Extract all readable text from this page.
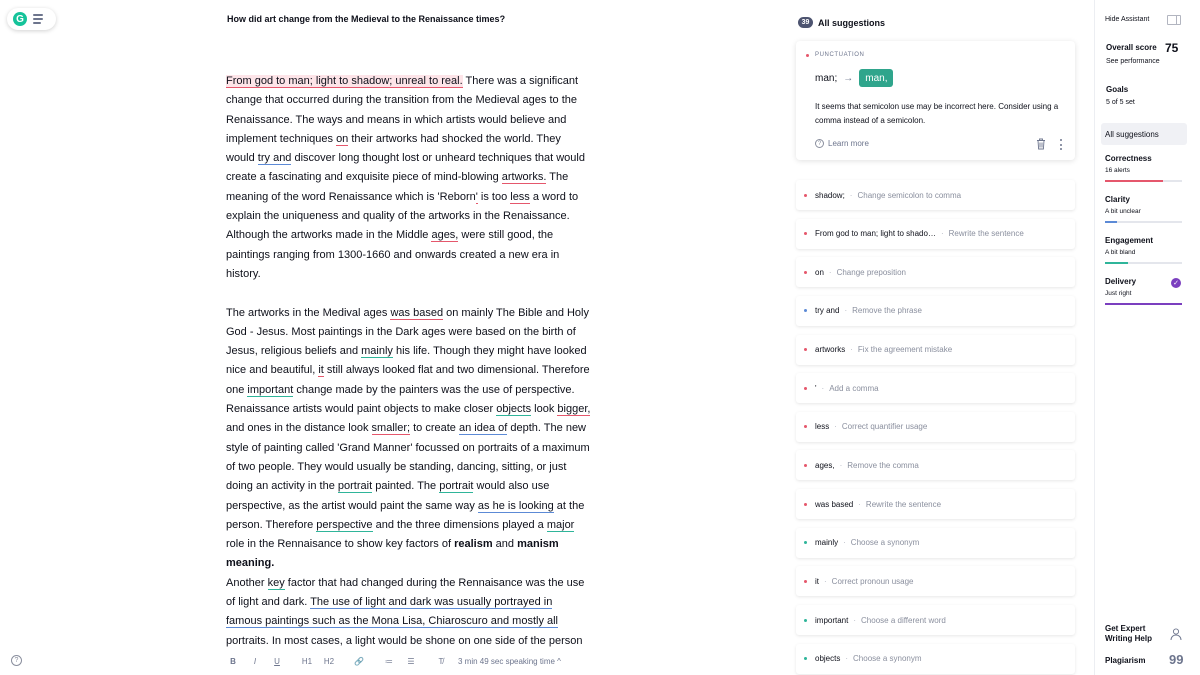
G	How did art change from the Medieval to the Renaissance times?

From god to man; light to shadow; unreal to real. There was a significant change that occurred during the transition from the Medieval ages to the Renaissance. The ways and means in which artists would believe and implement techniques on their artworks had shocked the world. They would try and discover long thought lost or unheard techniques that would create a fascinating and exquisite piece of mind-blowing artworks. The meaning of the word Renaissance which is 'Reborn' is too less a word to explain the uniqueness and quality of the artworks in the Renaissance. Although the artworks made in the Middle ages, were still good, the paintings ranging from 1300-1660 and onwards created a new era in history.

The artworks in the Medival ages was based on mainly The Bible and Holy God - Jesus. Most paintings in the Dark ages were based on the birth of Jesus, religious beliefs and mainly his life. Though they might have looked nice and beautiful, it still always looked flat and two dimensional. Therefore one important change made by the painters was the use of perspective. Renaissance artists would paint objects to make closer objects look bigger, and ones in the distance look smaller; to create an idea of depth. The new style of painting called 'Grand Manner' focussed on portraits of a maximum of two people. They would usually be standing, dancing, sitting, or just doing an activity in the portrait painted. The portrait would also use perspective, as the artist would paint the same way as he is looking at the person. Therefore perspective and the three dimensions played a major role in the Rennaisance to show key factors of realism and manism meaning.

Another key factor that had changed during the Rennaisance was the use of light and dark. The use of light and dark was usually portrayed in famous paintings such as the Mona Lisa, Chiaroscuro and mostly all portraits. In most cases, a light would be shone on one side of the person

?	B	I	U	H1	H2	🔗	≔	☰	T̸	3 min 49 sec speaking time ^
39 All suggestions
PUNCTUATION
man; →	man,
It seems that semicolon use may be incorrect here. Consider using a comma instead of a semicolon.
? Learn more
shadow; · Change semicolon to comma
From god to man; light to shado… · Rewrite the sentence
on · Change preposition
try and · Remove the phrase
artworks · Fix the agreement mistake
' · Add a comma
less · Correct quantifier usage
ages, · Remove the comma
was based · Rewrite the sentence
mainly · Choose a synonym
it · Correct pronoun usage
important · Choose a different word
objects · Choose a synonym
Hide Assistant
Overall score 75
See performance
Goals
5 of 5 set
All suggestions
Correctness
16 alerts
Clarity
A bit unclear
Engagement
A bit bland
Delivery
Just right
✓
Get Expert Writing Help
Plagiarism 99
